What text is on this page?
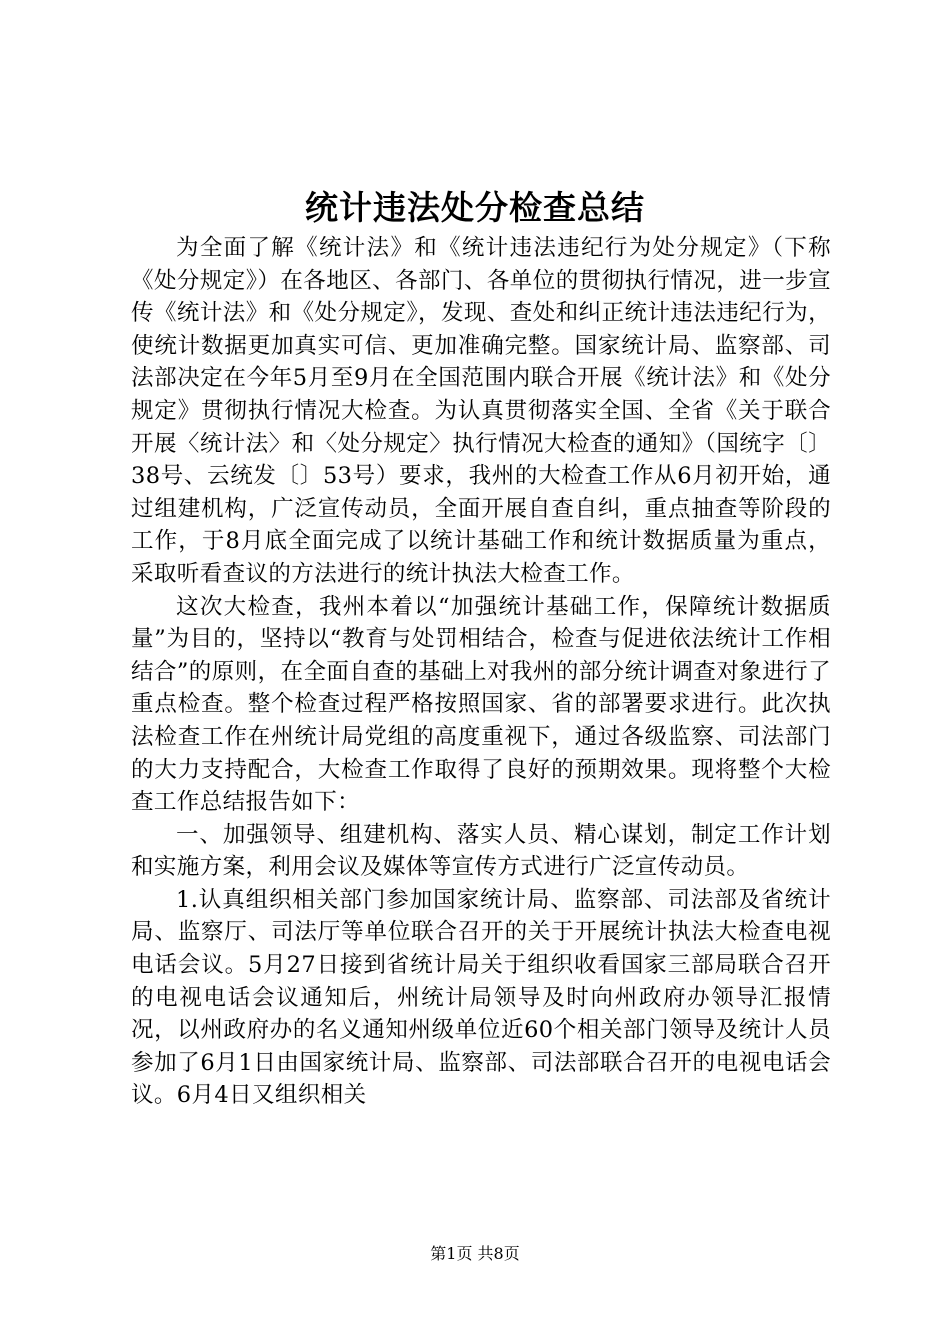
统计违法处分检查总结

为全面了解《统计法》和《统计违法违纪行为处分规定》（下称《处分规定》）在各地区、各部门、各单位的贯彻执行情况，进一步宣传《统计法》和《处分规定》，发现、查处和纠正统计违法违纪行为，使统计数据更加真实可信、更加准确完整。国家统计局、监察部、司法部决定在今年5月至9月在全国范围内联合开展《统计法》和《处分规定》贯彻执行情况大检查。为认真贯彻落实全国、全省《关于联合开展〈统计法〉和〈处分规定〉执行情况大检查的通知》（国统字〔〕38号、云统发〔〕53号）要求，我州的大检查工作从6月初开始，通过组建机构，广泛宣传动员，全面开展自查自纠，重点抽查等阶段的工作，于8月底全面完成了以统计基础工作和统计数据质量为重点，采取听看查议的方法进行的统计执法大检查工作。

这次大检查，我州本着以“加强统计基础工作，保障统计数据质量”为目的，坚持以“教育与处罚相结合，检查与促进依法统计工作相结合”的原则，在全面自查的基础上对我州的部分统计调查对象进行了重点检查。整个检查过程严格按照国家、省的部署要求进行。此次执法检查工作在州统计局党组的高度重视下，通过各级监察、司法部门的大力支持配合，大检查工作取得了良好的预期效果。现将整个大检查工作总结报告如下：

一、加强领导、组建机构、落实人员、精心谋划，制定工作计划和实施方案，利用会议及媒体等宣传方式进行广泛宣传动员。

1.认真组织相关部门参加国家统计局、监察部、司法部及省统计局、监察厅、司法厅等单位联合召开的关于开展统计执法大检查电视电话会议。5月27日接到省统计局关于组织收看国家三部局联合召开的电视电话会议通知后，州统计局领导及时向州政府办领导汇报情况，以州政府办的名义通知州级单位近60个相关部门领导及统计人员参加了6月1日由国家统计局、监察部、司法部联合召开的电视电话会议。6月4日又组织相关

第1页 共8页
